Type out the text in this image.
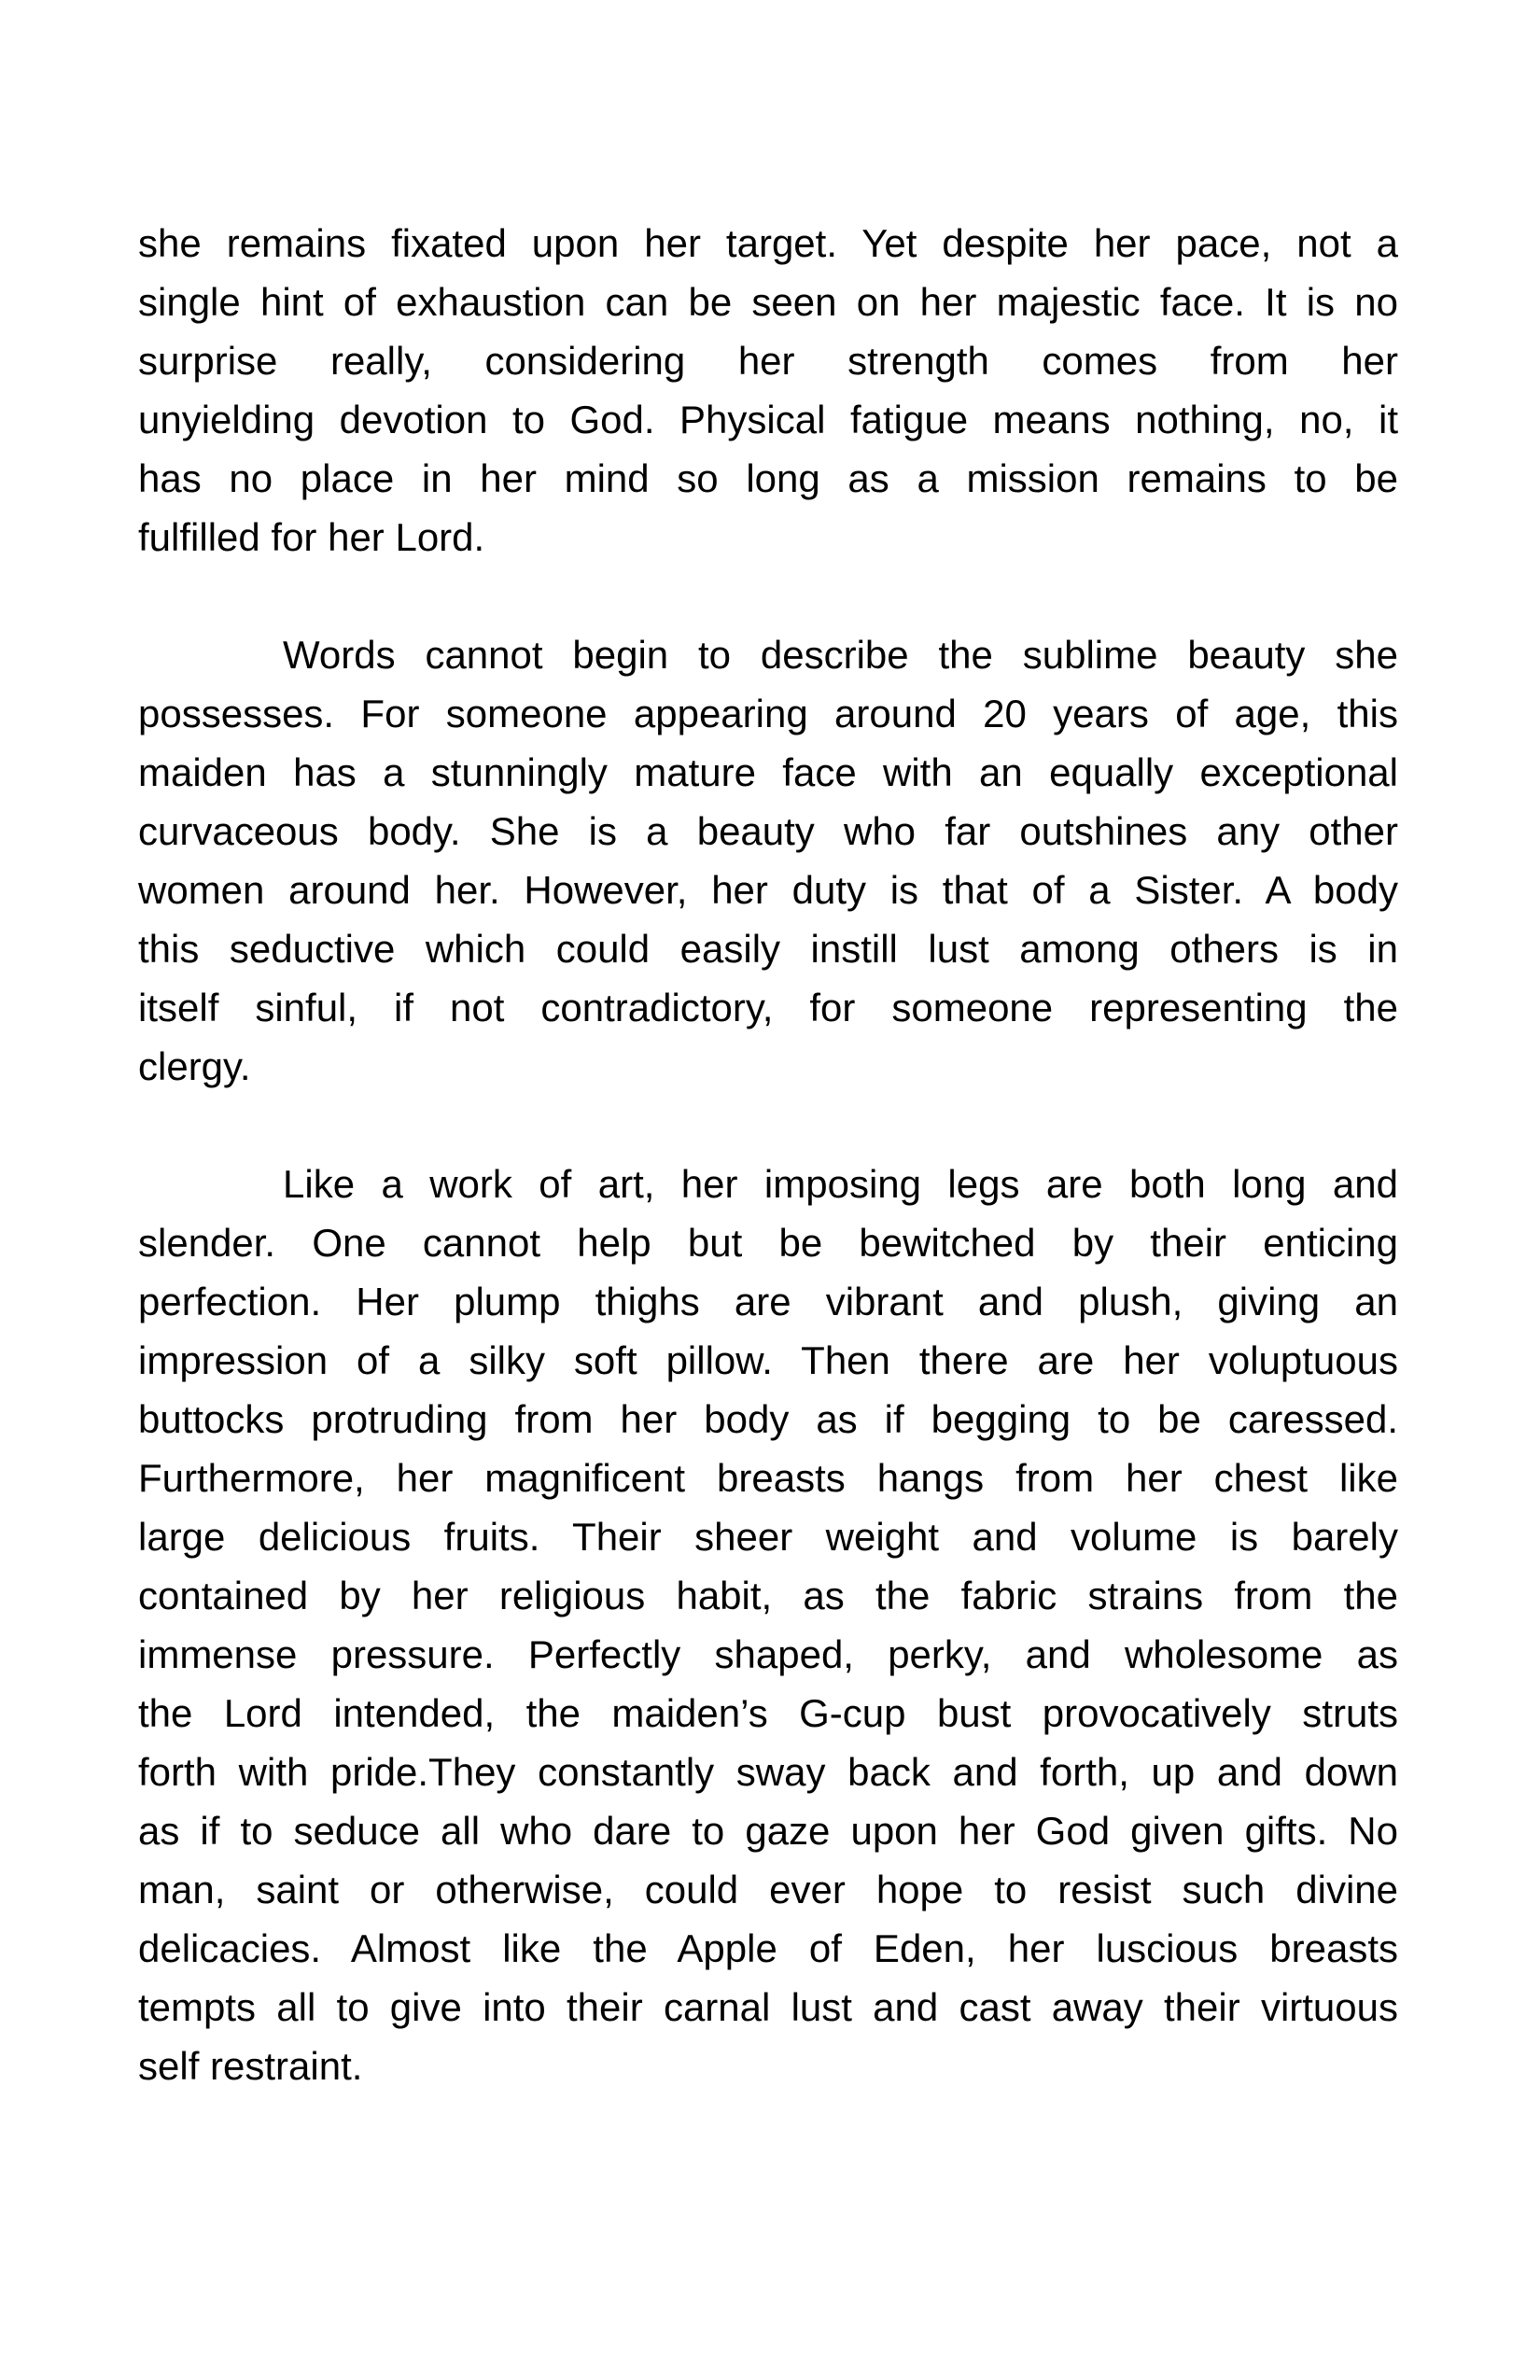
she remains fixated upon her target. Yet despite her pace, not a
single hint of exhaustion can be seen on her majestic face. It is no
surprise really, considering her strength comes from her
unyielding devotion to God. Physical fatigue means nothing, no, it
has no place in her mind so long as a mission remains to be
fulfilled for her Lord.
Words cannot begin to describe the sublime beauty she
possesses. For someone appearing around 20 years of age, this
maiden has a stunningly mature face with an equally exceptional
curvaceous body. She is a beauty who far outshines any other
women around her. However, her duty is that of a Sister. A body
this seductive which could easily instill lust among others is in
itself sinful, if not contradictory, for someone representing the
clergy.
Like a work of art, her imposing legs are both long and
slender. One cannot help but be bewitched by their enticing
perfection. Her plump thighs are vibrant and plush, giving an
impression of a silky soft pillow. Then there are her voluptuous
buttocks protruding from her body as if begging to be caressed.
Furthermore, her magnificent breasts hangs from her chest like
large delicious fruits. Their sheer weight and volume is barely
contained by her religious habit, as the fabric strains from the
immense pressure. Perfectly shaped, perky, and wholesome as
the Lord intended, the maiden’s G-cup bust provocatively struts
forth with pride.They constantly sway back and forth, up and down
as if to seduce all who dare to gaze upon her God given gifts. No
man, saint or otherwise, could ever hope to resist such divine
delicacies. Almost like the Apple of Eden, her luscious breasts
tempts all to give into their carnal lust and cast away their virtuous
self restraint.
